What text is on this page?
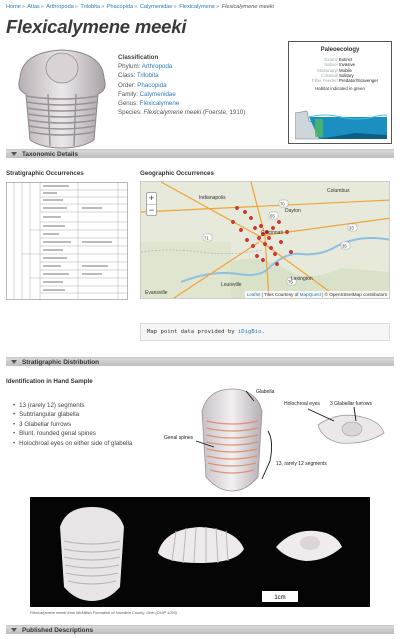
Home» Atlas» Arthropoda» Trilobita» Phacopida» Calymenidae» Flexicalymene» Flexicalymene meeki
Flexicalymene meeki
Classification
Phylum: Arthropoda
Class: Trilobita
Order: Phacopida
Family: Calymenidae
Genus: Flexicalymene
Species: Flexicalymene meeki (Foerste, 1910)
Paleoecology
Extant/ Extinct
Native/ Invasive
Stationary/ Mobile
Colonial/ Solitary
Filter Feeder/ Predator/Scavenger
Habitat indicated in green
Taxonomic Details
Stratigraphic Occurrences	Geographic Occurrences
Indianapolis
Columbus
Dayton
Cincinnati
Louisville
Evansville
Lexington
70
71
33
75
65
35
+
−
Leaflet | Tiles Courtesy of MapQuest | © OpenStreetMap contributors
Map point data provided by iDigBio.
Stratigraphic Distribution
Identification in Hand Sample
• 13 (rarely 12) segments
• Subtriangular glabella
• 3 Glabellar furrows
• Blunt, rounded genal spines
• Holochroal eyes on either side of glabella
Glabella
Genal spines
Holochroal eyes 3 Glabellar furrows
13, rarely 12 segments
1cm
Flexicalymene meeki from McMillan Formation of Hamilton County, Ohio (DUIP 1293)
Published Descriptions
